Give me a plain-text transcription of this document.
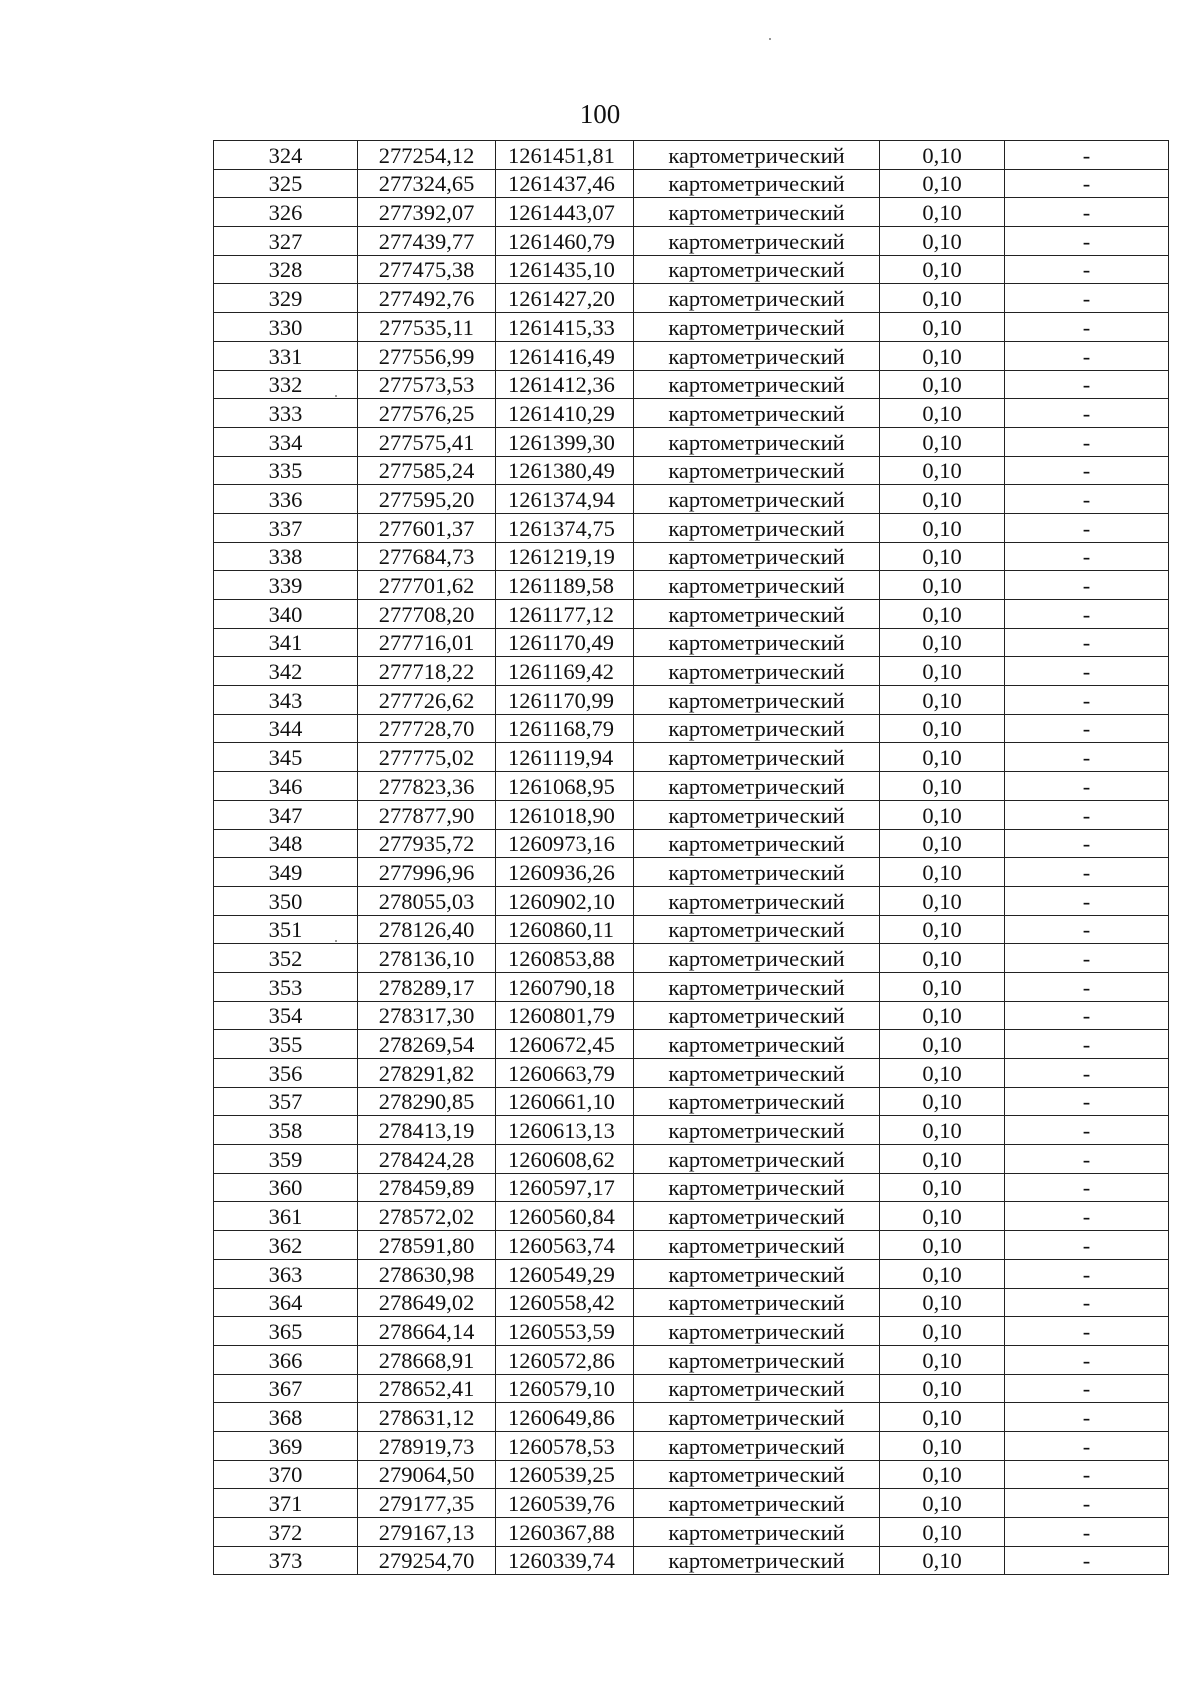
100
324	277254,12	1261451,81	картометрический	0,10	-
325	277324,65	1261437,46	картометрический	0,10	-
326	277392,07	1261443,07	картометрический	0,10	-
327	277439,77	1261460,79	картометрический	0,10	-
328	277475,38	1261435,10	картометрический	0,10	-
329	277492,76	1261427,20	картометрический	0,10	-
330	277535,11	1261415,33	картометрический	0,10	-
331	277556,99	1261416,49	картометрический	0,10	-
332	277573,53	1261412,36	картометрический	0,10	-
333	277576,25	1261410,29	картометрический	0,10	-
334	277575,41	1261399,30	картометрический	0,10	-
335	277585,24	1261380,49	картометрический	0,10	-
336	277595,20	1261374,94	картометрический	0,10	-
337	277601,37	1261374,75	картометрический	0,10	-
338	277684,73	1261219,19	картометрический	0,10	-
339	277701,62	1261189,58	картометрический	0,10	-
340	277708,20	1261177,12	картометрический	0,10	-
341	277716,01	1261170,49	картометрический	0,10	-
342	277718,22	1261169,42	картометрический	0,10	-
343	277726,62	1261170,99	картометрический	0,10	-
344	277728,70	1261168,79	картометрический	0,10	-
345	277775,02	1261119,94	картометрический	0,10	-
346	277823,36	1261068,95	картометрический	0,10	-
347	277877,90	1261018,90	картометрический	0,10	-
348	277935,72	1260973,16	картометрический	0,10	-
349	277996,96	1260936,26	картометрический	0,10	-
350	278055,03	1260902,10	картометрический	0,10	-
351	278126,40	1260860,11	картометрический	0,10	-
352	278136,10	1260853,88	картометрический	0,10	-
353	278289,17	1260790,18	картометрический	0,10	-
354	278317,30	1260801,79	картометрический	0,10	-
355	278269,54	1260672,45	картометрический	0,10	-
356	278291,82	1260663,79	картометрический	0,10	-
357	278290,85	1260661,10	картометрический	0,10	-
358	278413,19	1260613,13	картометрический	0,10	-
359	278424,28	1260608,62	картометрический	0,10	-
360	278459,89	1260597,17	картометрический	0,10	-
361	278572,02	1260560,84	картометрический	0,10	-
362	278591,80	1260563,74	картометрический	0,10	-
363	278630,98	1260549,29	картометрический	0,10	-
364	278649,02	1260558,42	картометрический	0,10	-
365	278664,14	1260553,59	картометрический	0,10	-
366	278668,91	1260572,86	картометрический	0,10	-
367	278652,41	1260579,10	картометрический	0,10	-
368	278631,12	1260649,86	картометрический	0,10	-
369	278919,73	1260578,53	картометрический	0,10	-
370	279064,50	1260539,25	картометрический	0,10	-
371	279177,35	1260539,76	картометрический	0,10	-
372	279167,13	1260367,88	картометрический	0,10	-
373	279254,70	1260339,74	картометрический	0,10	-
